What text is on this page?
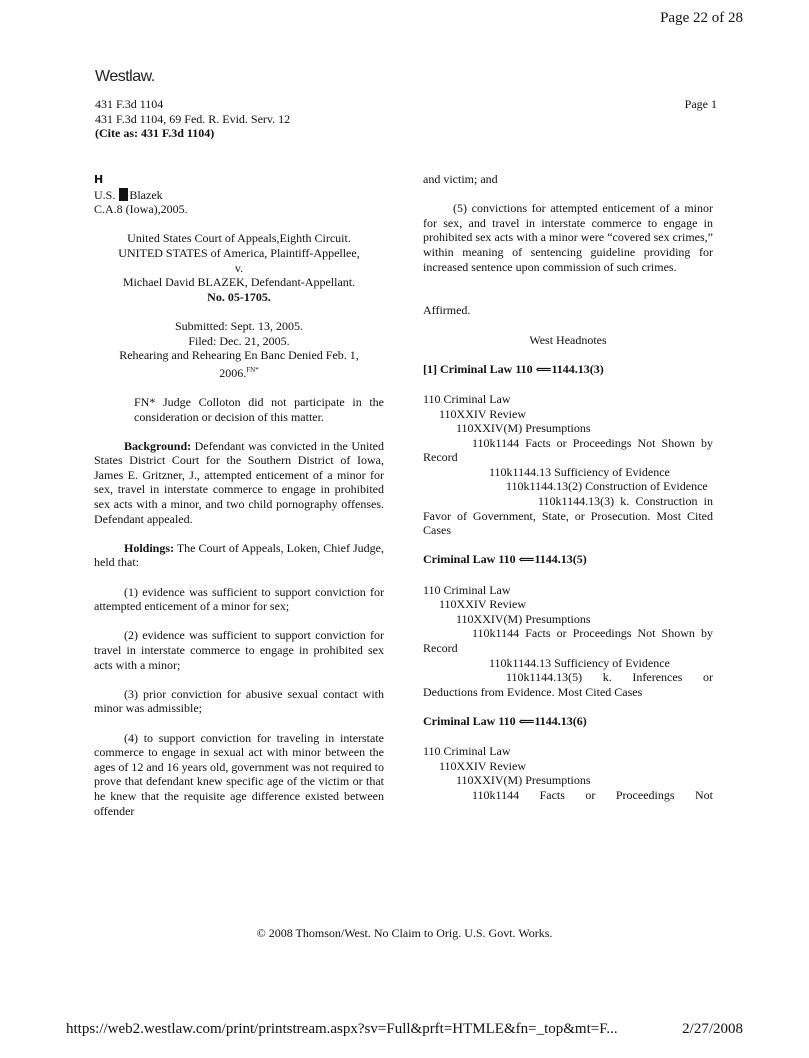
Page 22 of 28
Westlaw.
431 F.3d 1104
431 F.3d 1104, 69 Fed. R. Evid. Serv. 12
(Cite as: 431 F.3d 1104)
Page 1

H

U.S. Blazek

C.A.8 (Iowa),2005.

United States Court of Appeals,Eighth Circuit.

UNITED STATES of America, Plaintiff-Appellee,

v.

Michael David BLAZEK, Defendant-Appellant.

No. 05-1705.

Submitted: Sept. 13, 2005.

Filed: Dec. 21, 2005.

Rehearing and Rehearing En Banc Denied Feb. 1,

2006.$^{FN*}$

FN* Judge Colloton did not participate in the consideration or decision of this matter.

Background: Defendant was convicted in the United States District Court for the Southern District of Iowa, James E. Gritzner, J., attempted enticement of a minor for sex, travel in interstate commerce to engage in prohibited sex acts with a minor, and two child pornography offenses. Defendant appealed.

Holdings: The Court of Appeals, Loken, Chief Judge, held that:

(1) evidence was sufficient to support conviction for attempted enticement of a minor for sex;

(2) evidence was sufficient to support conviction for travel in interstate commerce to engage in prohibited sex acts with a minor;

(3) prior conviction for abusive sexual contact with minor was admissible;

(4) to support conviction for traveling in interstate commerce to engage in sexual act with minor between the ages of 12 and 16 years old, government was not required to prove that defendant knew specific age of the victim or that he knew that the requisite age difference existed between offender

and victim; and

(5) convictions for attempted enticement of a minor for sex, and travel in interstate commerce to engage in prohibited sex acts with a minor were “covered sex crimes,” within meaning of sentencing guideline providing for increased sentence upon commission of such crimes.

Affirmed.

West Headnotes

[1] Criminal Law 110 ⟸1144.13(3)

110 Criminal Law

110XXIV Review

110XXIV(M) Presumptions

110k1144 Facts or Proceedings Not Shown by Record

110k1144.13 Sufficiency of Evidence

110k1144.13(2) Construction of Evidence

110k1144.13(3) k. Construction in Favor of Government, State, or Prosecution. Most Cited Cases

Criminal Law 110 ⟸1144.13(5)

110 Criminal Law

110XXIV Review

110XXIV(M) Presumptions

110k1144 Facts or Proceedings Not Shown by Record

110k1144.13 Sufficiency of Evidence

110k1144.13(5) k. Inferences or Deductions from Evidence. Most Cited Cases

Criminal Law 110 ⟸1144.13(6)

110 Criminal Law

110XXIV Review

110XXIV(M) Presumptions

110k1144 Facts or Proceedings Not

© 2008 Thomson/West. No Claim to Orig. U.S. Govt. Works.
https://web2.westlaw.com/print/printstream.aspx?sv=Full&prft=HTMLE&fn=_top&mt=F...	2/27/2008
